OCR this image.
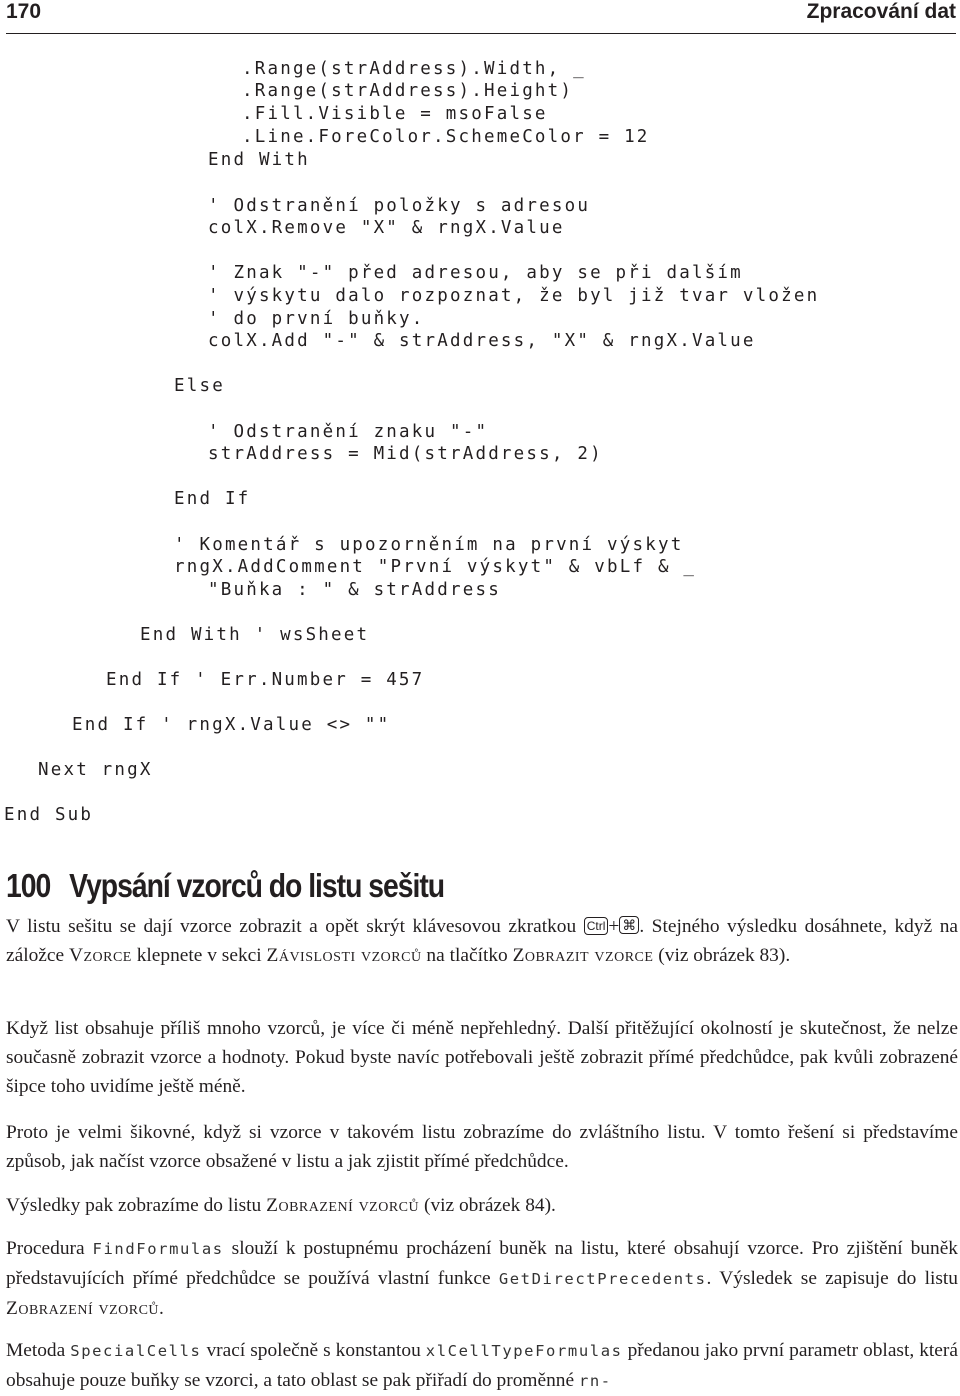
170	Zpracování dat
.Range(strAddress).Width, _
.Range(strAddress).Height)
.Fill.Visible = msoFalse
.Line.ForeColor.SchemeColor = 12
End With
' Odstranění položky s adresou
colX.Remove "X" & rngX.Value
' Znak "-" před adresou, aby se při dalším
' výskytu dalo rozpoznat, že byl již tvar vložen
' do první buňky.
colX.Add "-" & strAddress, "X" & rngX.Value
Else
' Odstranění znaku "-"
strAddress = Mid(strAddress, 2)
End If
' Komentář s upozorněním na první výskyt
rngX.AddComment "První výskyt" & vbLf & _
"Buňka : " & strAddress
End With ' wsSheet
End If ' Err.Number = 457
End If ' rngX.Value <> ""
Next rngX
End Sub
100 Vypsání vzorců do listu sešitu

V listu sešitu se dají vzorce zobrazit a opět skrýt klávesovou zkratkou Ctrl + ⌘ . Stejného výsledku dosáhnete, když na záložce Vzorce klepnete v sekci Závislosti vzorců na tlačítko Zobrazit vzorce (viz obrázek 83).

Když list obsahuje příliš mnoho vzorců, je více či méně nepřehledný. Další přitěžující okolností je skutečnost, že nelze současně zobrazit vzorce a hodnoty. Pokud byste navíc potřebovali ještě zobrazit přímé předchůdce, pak kvůli zobrazené šipce toho uvidíme ještě méně.

Proto je velmi šikovné, když si vzorce v takovém listu zobrazíme do zvláštního listu. V tomto řešení si představíme způsob, jak načíst vzorce obsažené v listu a jak zjistit přímé předchůdce.

Výsledky pak zobrazíme do listu Zobrazení vzorců (viz obrázek 84).

Procedura FindFormulas slouží k postupnému procházení buněk na listu, které obsahují vzorce. Pro zjištění buněk představujících přímé předchůdce se používá vlastní funkce GetDirectPrecedents. Výsledek se zapisuje do listu Zobrazení vzorců.

Metoda SpecialCells vrací společně s konstantou xlCellTypeFormulas předanou jako první parametr oblast, která obsahuje pouze buňky se vzorci, a tato oblast se pak přiřadí do proměnné rn-
